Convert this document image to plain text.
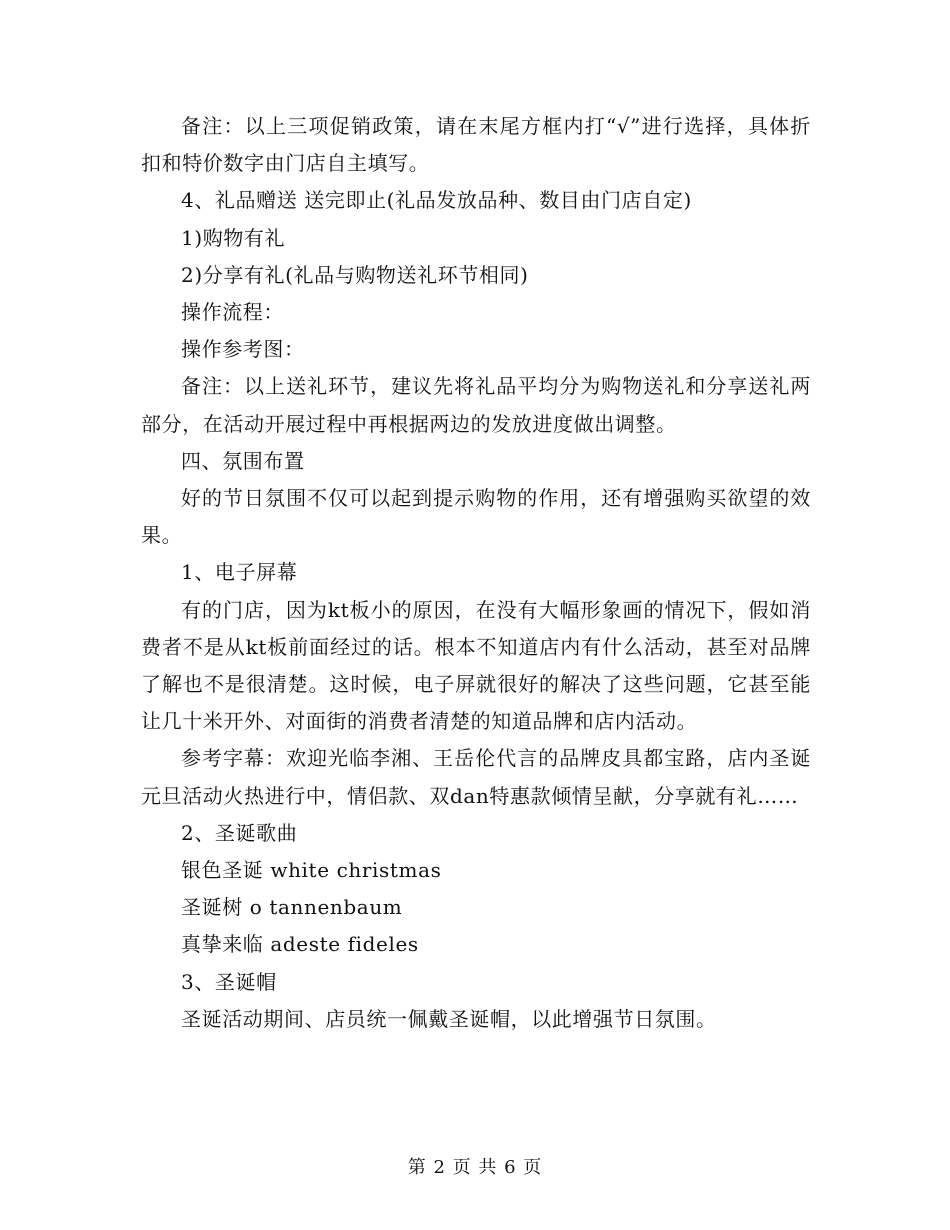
备注：以上三项促销政策，请在末尾方框内打“√”进行选择，具体折扣和特价数字由门店自主填写。

4、礼品赠送 送完即止(礼品发放品种、数目由门店自定)

1)购物有礼

2)分享有礼(礼品与购物送礼环节相同)

操作流程：

操作参考图：

备注：以上送礼环节，建议先将礼品平均分为购物送礼和分享送礼两部分，在活动开展过程中再根据两边的发放进度做出调整。

四、氛围布置

好的节日氛围不仅可以起到提示购物的作用，还有增强购买欲望的效果。

1、电子屏幕

有的门店，因为kt板小的原因，在没有大幅形象画的情况下，假如消费者不是从kt板前面经过的话。根本不知道店内有什么活动，甚至对品牌了解也不是很清楚。这时候，电子屏就很好的解决了这些问题，它甚至能让几十米开外、对面街的消费者清楚的知道品牌和店内活动。

参考字幕：欢迎光临李湘、王岳伦代言的品牌皮具都宝路，店内圣诞元旦活动火热进行中，情侣款、双dan特惠款倾情呈献，分享就有礼……

2、圣诞歌曲

银色圣诞 white christmas

圣诞树 o tannenbaum

真挚来临 adeste fideles

3、圣诞帽

圣诞活动期间、店员统一佩戴圣诞帽，以此增强节日氛围。

第 2 页 共 6 页
